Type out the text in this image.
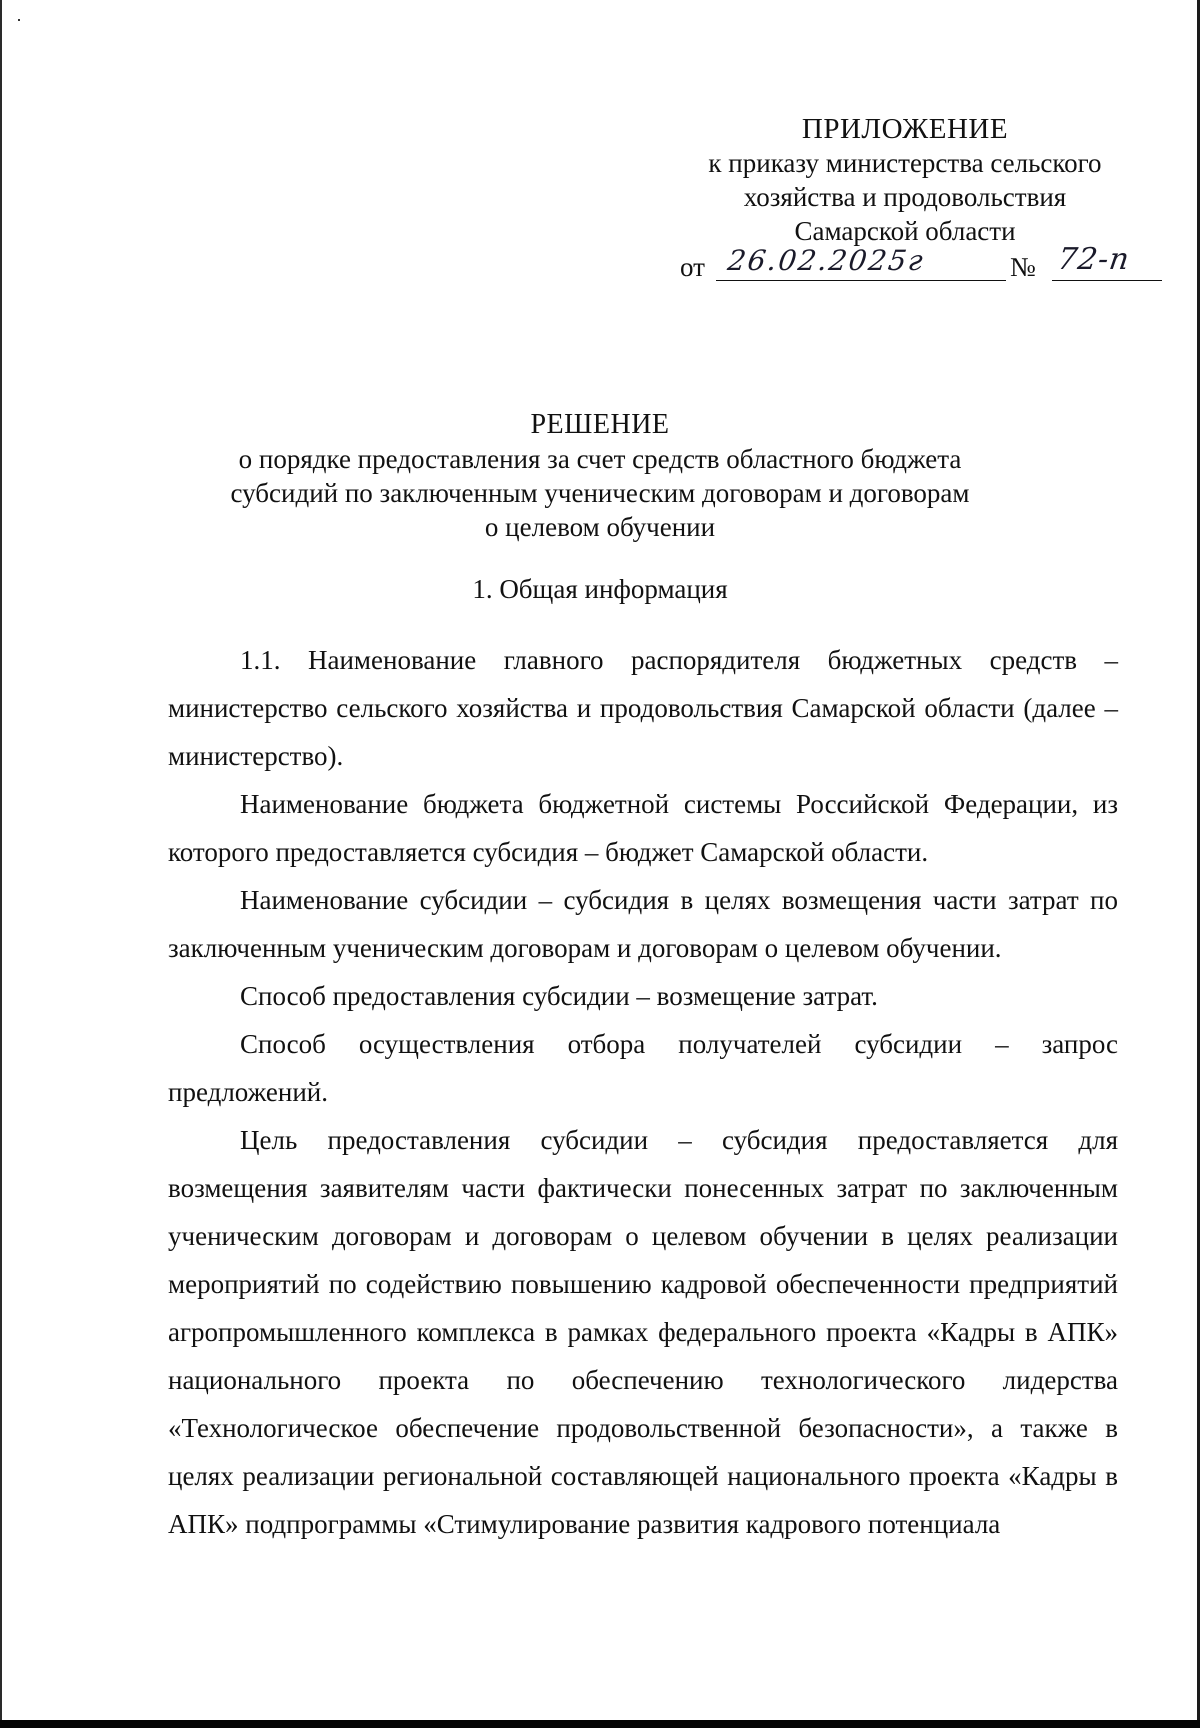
ПРИЛОЖЕНИЕ
к приказу министерства сельского
хозяйства и продовольствия
Самарской области
от 26.02.2025г	№ 72-п
РЕШЕНИЕ
о порядке предоставления за счет средств областного бюджета
субсидий по заключенным ученическим договорам и договорам
о целевом обучении
1. Общая информация

1.1. Наименование главного распорядителя бюджетных средств – министерство сельского хозяйства и продовольствия Самарской области (далее – министерство).

Наименование бюджета бюджетной системы Российской Федерации, из которого предоставляется субсидия – бюджет Самарской области.

Наименование субсидии – субсидия в целях возмещения части затрат по заключенным ученическим договорам и договорам о целевом обучении.

Способ предоставления субсидии – возмещение затрат.

Способ осуществления отбора получателей субсидии – запрос предложений.

Цель предоставления субсидии – субсидия предоставляется для возмещения заявителям части фактически понесенных затрат по заключенным ученическим договорам и договорам о целевом обучении в целях реализации мероприятий по содействию повышению кадровой обеспеченности предприятий агропромышленного комплекса в рамках федерального проекта «Кадры в АПК» национального проекта по обеспечению технологического лидерства «Технологическое обеспечение продовольственной безопасности», а также в целях реализации региональной составляющей национального проекта «Кадры в АПК» подпрограммы «Стимулирование развития кадрового потенциала
